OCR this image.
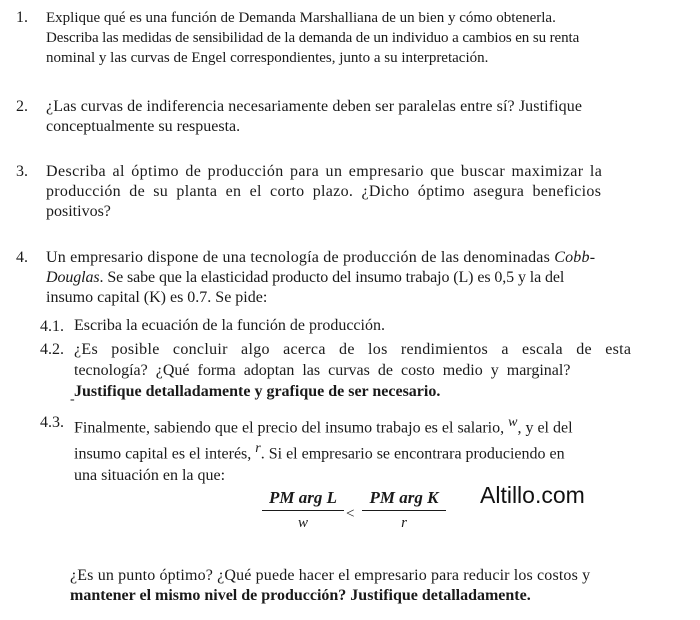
1. Explique qué es una función de Demanda Marshalliana de un bien y cómo obtenerla.
Describa las medidas de sensibilidad de la demanda de un individuo a cambios en su renta
nominal y las curvas de Engel correspondientes, junto a su interpretación.
2. ¿Las curvas de indiferencia necesariamente deben ser paralelas entre sí? Justifique
conceptualmente su respuesta.
3. Describa al óptimo de producción para un empresario que buscar maximizar la
producción de su planta en el corto plazo. ¿Dicho óptimo asegura beneficios
positivos?
4. Un empresario dispone de una tecnología de producción de las denominadas Cobb-
Douglas. Se sabe que la elasticidad producto del insumo trabajo (L) es 0,5 y la del
insumo capital (K) es 0.7. Se pide:
4.1. Escriba la ecuación de la función de producción.
4.2. ¿Es posible concluir algo acerca de los rendimientos a escala de esta
tecnología? ¿Qué forma adoptan las curvas de costo medio y marginal?
Justifique detalladamente y grafique de ser necesario.
-
4.3. Finalmente, sabiendo que el precio del insumo trabajo es el salario, $^w$, y el del
insumo capital es el interés, $^r$. Si el empresario se encontrara produciendo en
una situación en la que:
PM arg L
w
<
PM arg K
r
Altillo.com
¿Es un punto óptimo? ¿Qué puede hacer el empresario para reducir los costos y
mantener el mismo nivel de producción? Justifique detalladamente.
